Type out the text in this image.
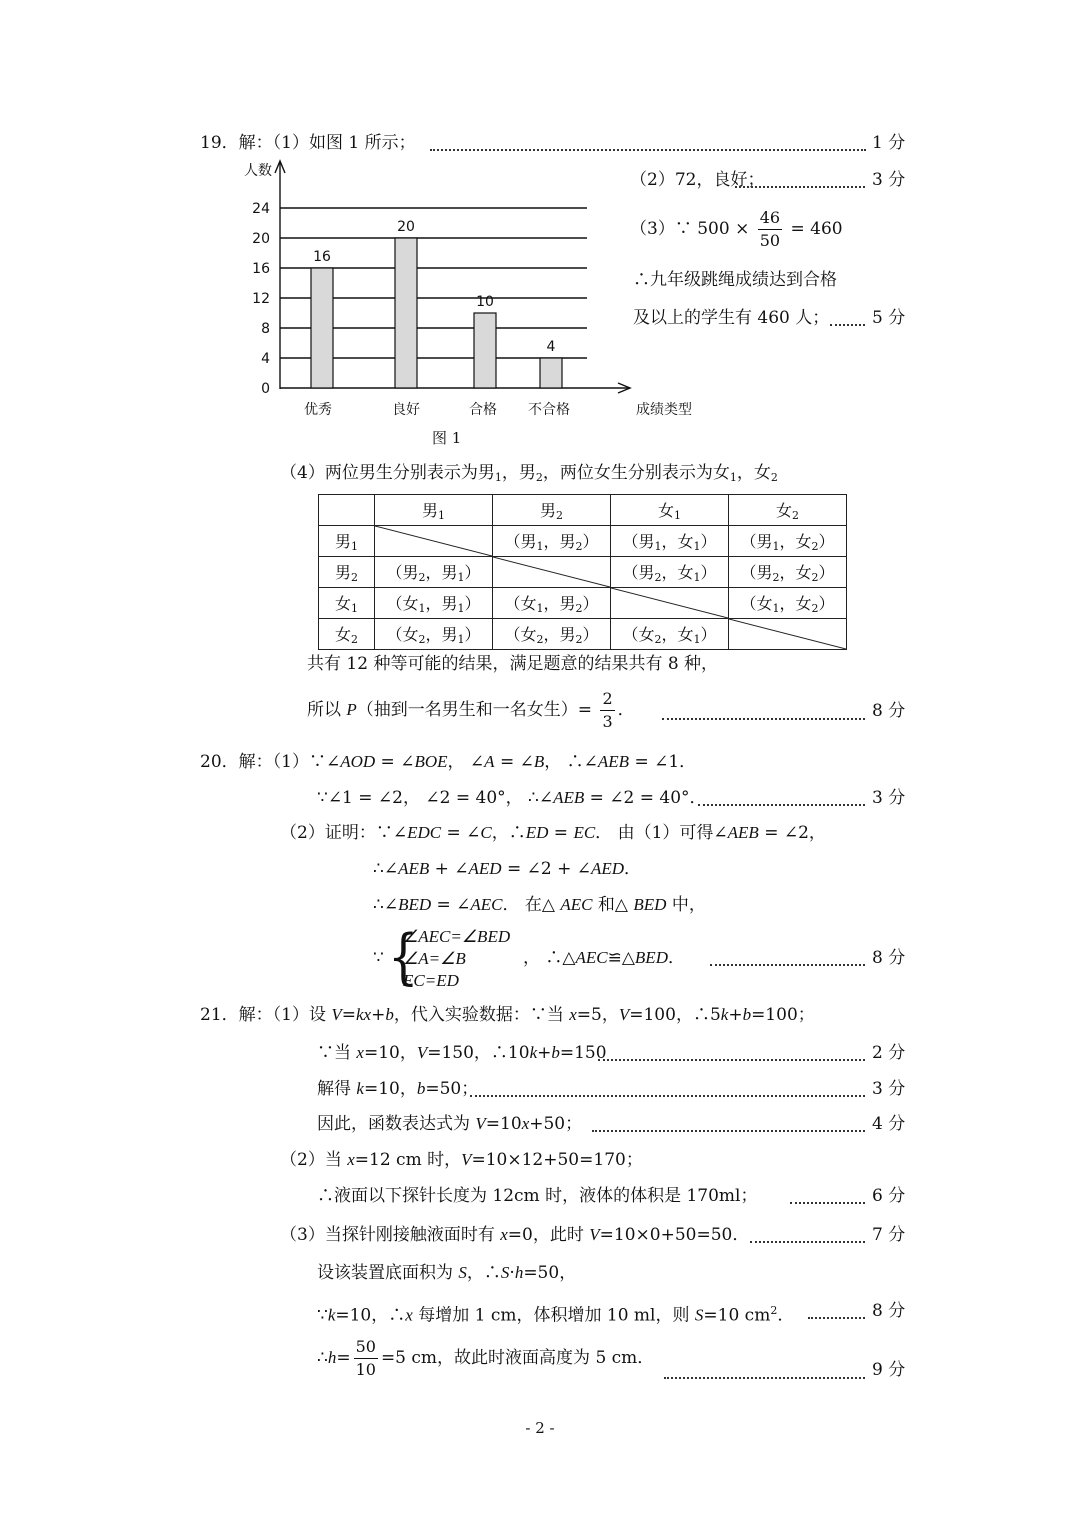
19．解：（1）如图 1 所示；	1 分
0
4
8
12
16
20
24
人数
成绩类型
16
优秀
20
良好
10
合格
4
不合格
图 1
（2）72，良好；	3 分
（3）∵ $500 \times \frac{46}{50} = 460$
∴九年级跳绳成绩达到合格
及以上的学生有 460 人；	5 分
（4）两位男生分别表示为男$_1$，男$_2$，两位女生分别表示为女$_1$，女$_2$
	男$_1$	男$_2$	女$_1$	女$_2$
男$_1$		（男$_1$，男$_2$）	（男$_1$，女$_1$）	（男$_1$，女$_2$）
男$_2$	（男$_2$，男$_1$）		（男$_2$，女$_1$）	（男$_2$，女$_2$）
女$_1$	（女$_1$，男$_1$）	（女$_1$，男$_2$）		（女$_1$，女$_2$）
女$_2$	（女$_2$，男$_1$）	（女$_2$，男$_2$）	（女$_2$，女$_1$）	
共有 12 种等可能的结果，满足题意的结果共有 8 种，
所以 P（抽到一名男生和一名女生）= $\frac{2}{3}$ ．	8 分
20．解：（1）∵∠AOD = ∠BOE， ∠A = ∠B， ∴∠AEB = ∠1．
∵∠1 = ∠2， ∠2 = 40°， ∴∠AEB = ∠2 = 40°．	3 分
（2）证明：∵∠EDC = ∠C，∴ED = EC． 由（1）可得∠AEB = ∠2，
∴∠AEB + ∠AED = ∠2 + ∠AED．
∴∠BED = ∠AEC． 在△ AEC 和△ BED 中，
∵ {
∠AEC=∠BED
∠A=∠B
EC=ED
， ∴△AEC≌△BED．	8 分
21．解：（1）设 V=kx+b，代入实验数据：∵当 x=5，V=100，∴5k+b=100；
∵当 x=10，V=150，∴10k+b=150	2 分
解得 k=10，b=50；	3 分
因此，函数表达式为 V=10x+50；	4 分
（2）当 x=12 cm 时，V=10×12+50=170；
∴液面以下探针长度为 12cm 时，液体的体积是 170ml；	6 分
（3）当探针刚接触液面时有 x=0，此时 V=10×0+50=50．	7 分
设该装置底面积为 S，∴S·h=50，
∵k=10，∴x 每增加 1 cm，体积增加 10 ml，则 S=10 $cm^2$．	8 分
∴h= $\frac{50}{10} =5$ cm，故此时液面高度为 5 cm．
9 分
- 2 -
